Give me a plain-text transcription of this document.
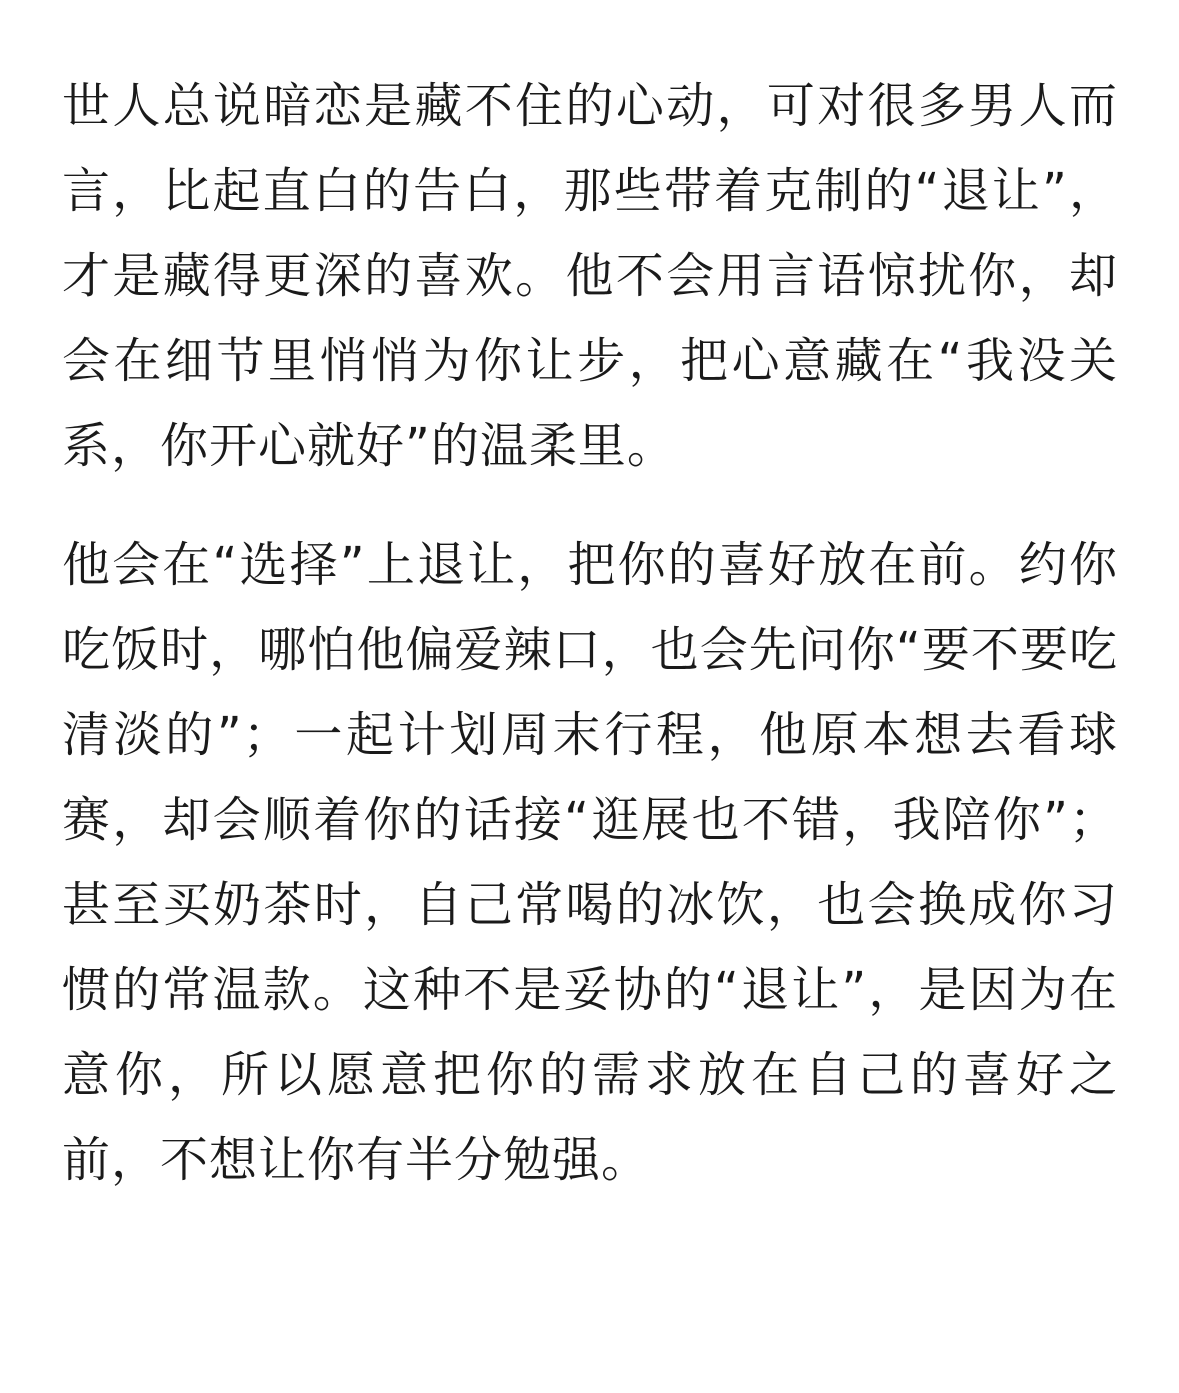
世人总说暗恋是藏不住的心动，可对很多男人而言，比起直白的告白，那些带着克制的“退让”，才是藏得更深的喜欢。他不会用言语惊扰你，却会在细节里悄悄为你让步，把心意藏在“我没关系，你开心就好”的温柔里。

他会在“选择”上退让，把你的喜好放在前。约你吃饭时，哪怕他偏爱辣口，也会先问你“要不要吃清淡的”；一起计划周末行程，他原本想去看球赛，却会顺着你的话接“逛展也不错，我陪你”；甚至买奶茶时，自己常喝的冰饮，也会换成你习惯的常温款。这种不是妥协的“退让”，是因为在意你，所以愿意把你的需求放在自己的喜好之前，不想让你有半分勉强。
